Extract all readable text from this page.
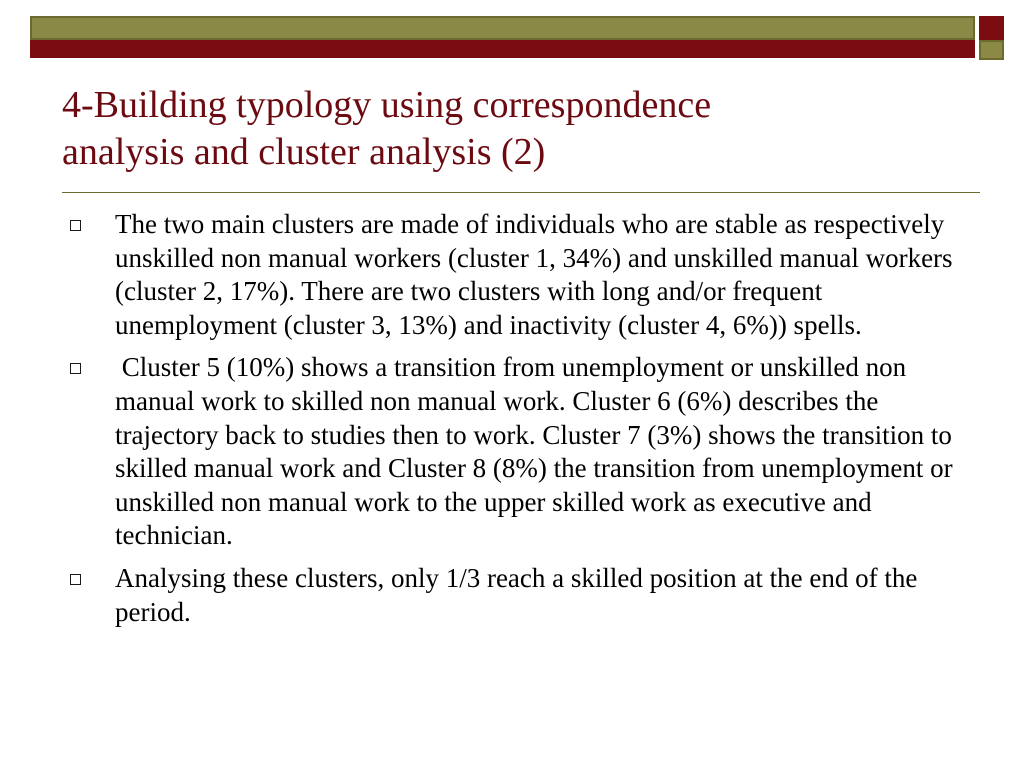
4-Building typology using correspondence
analysis and cluster analysis (2)
The two main clusters are made of individuals who are stable as respectively unskilled non manual workers (cluster 1, 34%) and unskilled manual workers (cluster 2, 17%). There are two clusters with long and/or frequent unemployment (cluster 3, 13%) and inactivity (cluster 4, 6%)) spells.
Cluster 5 (10%) shows a transition from unemployment or unskilled non manual work to skilled non manual work. Cluster 6 (6%) describes the trajectory back to studies then to work. Cluster 7 (3%) shows the transition to skilled manual work and Cluster 8 (8%) the transition from unemployment or unskilled non manual work to the upper skilled work as executive and technician.
Analysing these clusters, only 1/3 reach a skilled position at the end of the period.
